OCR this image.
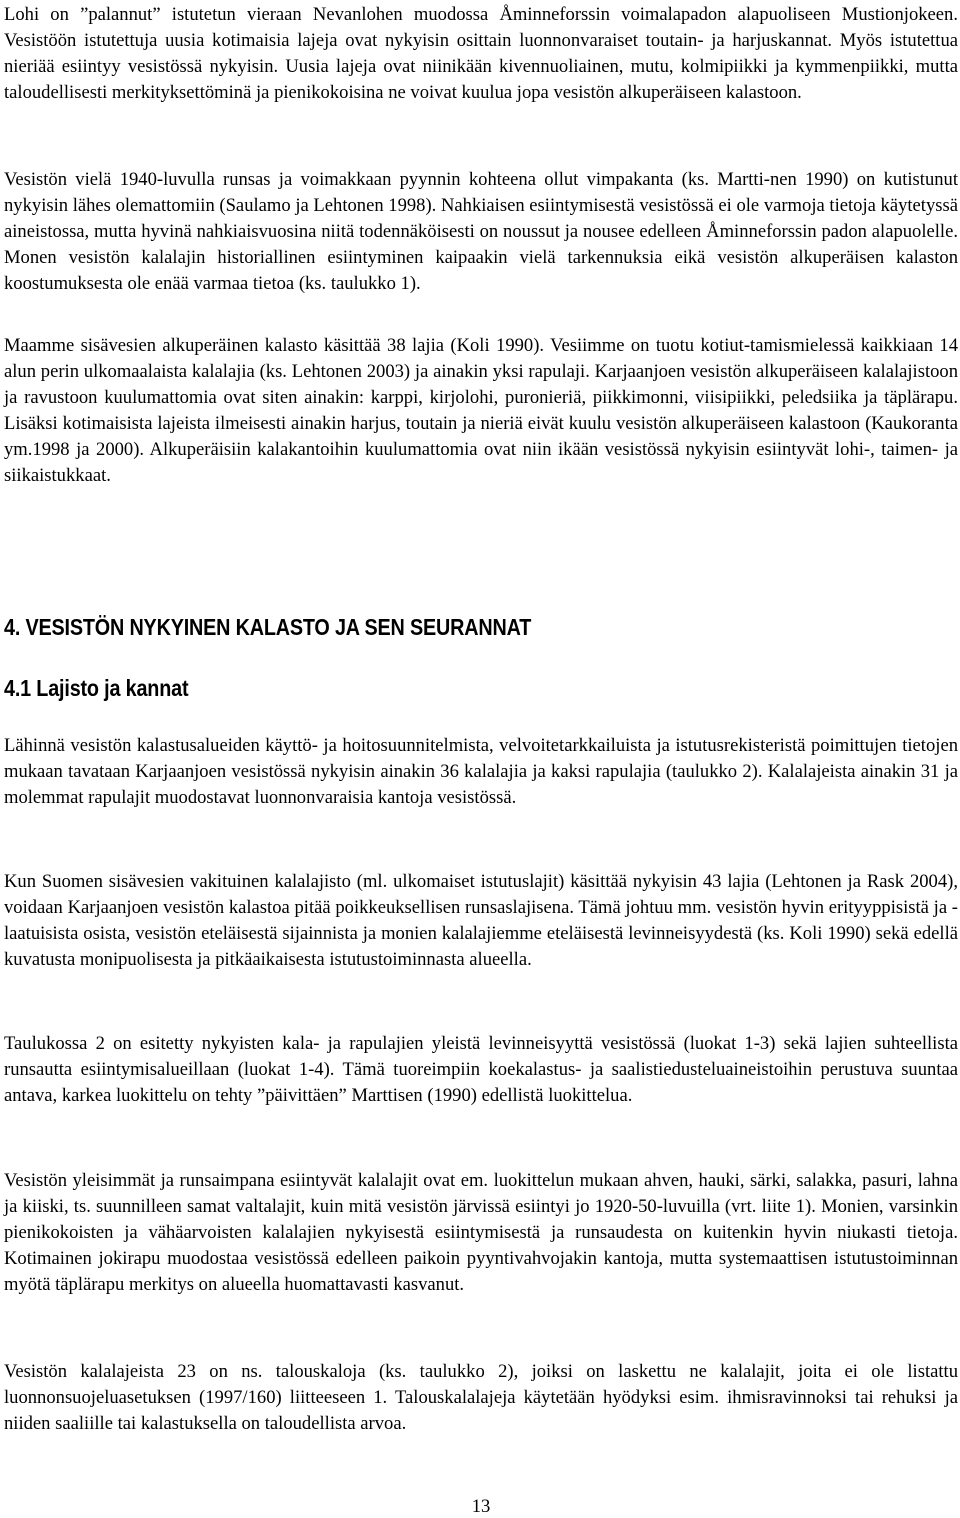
Lohi on ”palannut” istutetun vieraan Nevanlohen muodossa Åminneforssin voimalapadon alapuoliseen Mustionjokeen. Vesistöön istutettuja uusia kotimaisia lajeja ovat nykyisin osittain luonnonvaraiset toutain- ja harjuskannat. Myös istutettua nieriää esiintyy vesistössä nykyisin. Uusia lajeja ovat niinikään kivennuoliainen, mutu, kolmipiikki ja kymmenpiikki, mutta taloudellisesti merkityksettöminä ja pienikokoisina ne voivat kuulua jopa vesistön alkuperäiseen kalastoon.

Vesistön vielä 1940-luvulla runsas ja voimakkaan pyynnin kohteena ollut vimpakanta (ks. Martti-nen 1990) on kutistunut nykyisin lähes olemattomiin (Saulamo ja Lehtonen 1998). Nahkiaisen esiintymisestä vesistössä ei ole varmoja tietoja käytetyssä aineistossa, mutta hyvinä nahkiaisvuosina niitä todennäköisesti on noussut ja nousee edelleen Åminneforssin padon alapuolelle. Monen vesistön kalalajin historiallinen esiintyminen kaipaakin vielä tarkennuksia eikä vesistön alkuperäisen kalaston koostumuksesta ole enää varmaa tietoa (ks. taulukko 1).

Maamme sisävesien alkuperäinen kalasto käsittää 38 lajia (Koli 1990). Vesiimme on tuotu kotiut-tamismielessä kaikkiaan 14 alun perin ulkomaalaista kalalajia (ks. Lehtonen 2003) ja ainakin yksi rapulaji. Karjaanjoen vesistön alkuperäiseen kalalajistoon ja ravustoon kuulumattomia ovat siten ainakin: karppi, kirjolohi, puronieriä, piikkimonni, viisipiikki, peledsiika ja täplärapu. Lisäksi kotimaisista lajeista ilmeisesti ainakin harjus, toutain ja nieriä eivät kuulu vesistön alkuperäiseen kalastoon (Kaukoranta ym.1998 ja 2000). Alkuperäisiin kalakantoihin kuulumattomia ovat niin ikään vesistössä nykyisin esiintyvät lohi-, taimen- ja siikaistukkaat.

4. VESISTÖN NYKYINEN KALASTO JA SEN SEURANNAT
4.1 Lajisto ja kannat

Lähinnä vesistön kalastusalueiden käyttö- ja hoitosuunnitelmista, velvoitetarkkailuista ja istutusrekisteristä poimittujen tietojen mukaan tavataan Karjaanjoen vesistössä nykyisin ainakin 36 kalalajia ja kaksi rapulajia (taulukko 2). Kalalajeista ainakin 31 ja molemmat rapulajit muodostavat luonnonvaraisia kantoja vesistössä.

Kun Suomen sisävesien vakituinen kalalajisto (ml. ulkomaiset istutuslajit) käsittää nykyisin 43 lajia (Lehtonen ja Rask 2004), voidaan Karjaanjoen vesistön kalastoa pitää poikkeuksellisen runsaslajisena. Tämä johtuu mm. vesistön hyvin erityyppisistä ja -laatuisista osista, vesistön eteläisestä sijainnista ja monien kalalajiemme eteläisestä levinneisyydestä (ks. Koli 1990) sekä edellä kuvatusta monipuolisesta ja pitkäaikaisesta istutustoiminnasta alueella.

Taulukossa 2 on esitetty nykyisten kala- ja rapulajien yleistä levinneisyyttä vesistössä (luokat 1-3) sekä lajien suhteellista runsautta esiintymisalueillaan (luokat 1-4). Tämä tuoreimpiin koekalastus- ja saalistiedusteluaineistoihin perustuva suuntaa antava, karkea luokittelu on tehty ”päivittäen” Marttisen (1990) edellistä luokittelua.

Vesistön yleisimmät ja runsaimpana esiintyvät kalalajit ovat em. luokittelun mukaan ahven, hauki, särki, salakka, pasuri, lahna ja kiiski, ts. suunnilleen samat valtalajit, kuin mitä vesistön järvissä esiintyi jo 1920-50-luvuilla (vrt. liite 1). Monien, varsinkin pienikokoisten ja vähäarvoisten kalalajien nykyisestä esiintymisestä ja runsaudesta on kuitenkin hyvin niukasti tietoja. Kotimainen jokirapu muodostaa vesistössä edelleen paikoin pyyntivahvojakin kantoja, mutta systemaattisen istutustoiminnan myötä täplärapu merkitys on alueella huomattavasti kasvanut.

Vesistön kalalajeista 23 on ns. talouskaloja (ks. taulukko 2), joiksi on laskettu ne kalalajit, joita ei ole listattu luonnonsuojeluasetuksen (1997/160) liitteeseen 1. Talouskalalajeja käytetään hyödyksi esim. ihmisravinnoksi tai rehuksi ja niiden saaliille tai kalastuksella on taloudellista arvoa.

13
